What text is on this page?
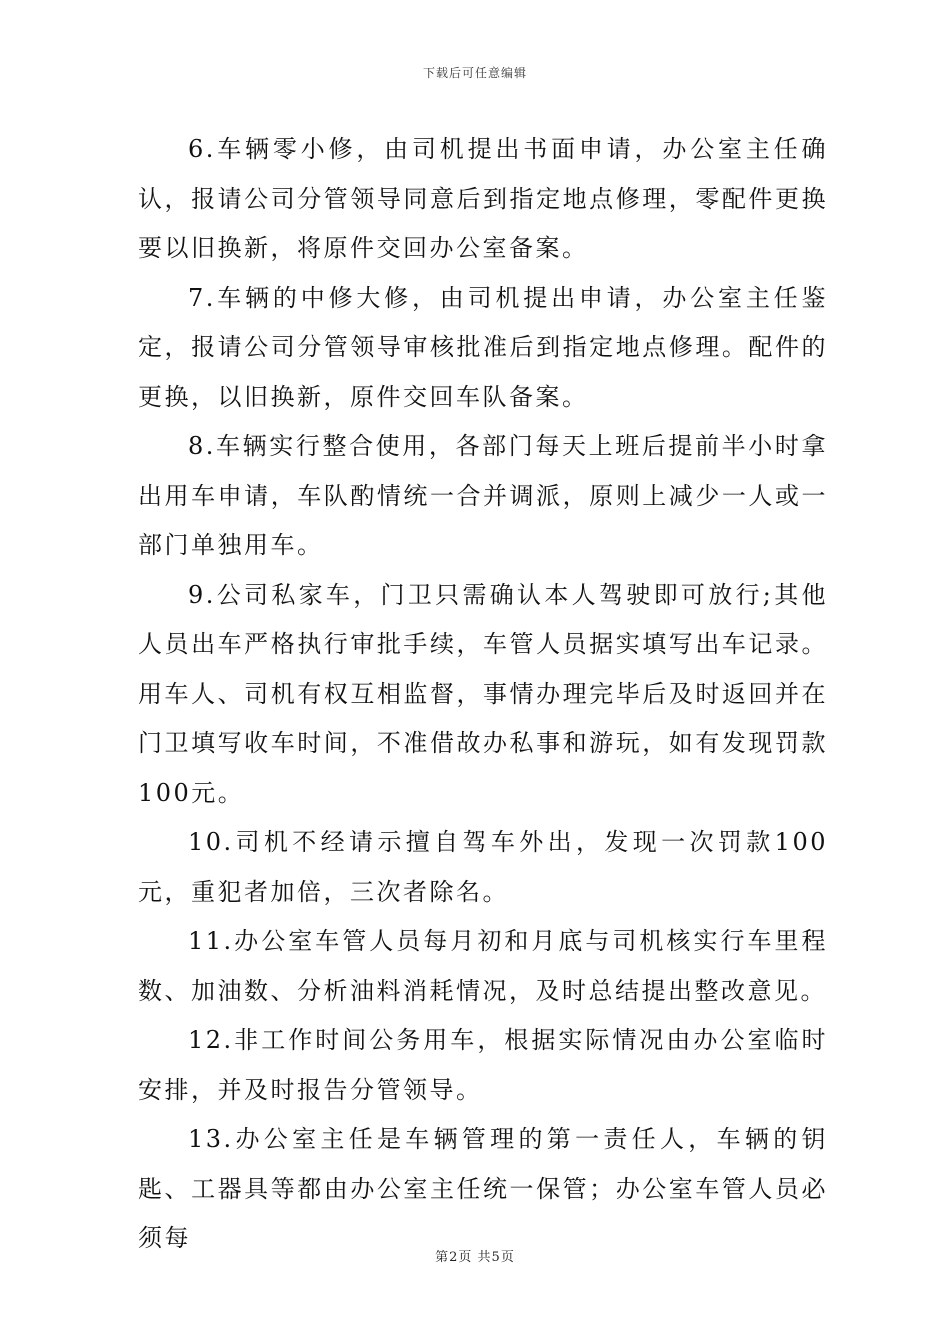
下载后可任意编辑

6.车辆零小修，由司机提出书面申请，办公室主任确认，报请公司分管领导同意后到指定地点修理，零配件更换要以旧换新，将原件交回办公室备案。

7.车辆的中修大修，由司机提出申请，办公室主任鉴定，报请公司分管领导审核批准后到指定地点修理。配件的更换，以旧换新，原件交回车队备案。

8.车辆实行整合使用，各部门每天上班后提前半小时拿出用车申请，车队酌情统一合并调派，原则上减少一人或一部门单独用车。

9.公司私家车，门卫只需确认本人驾驶即可放行;其他人员出车严格执行审批手续，车管人员据实填写出车记录。用车人、司机有权互相监督，事情办理完毕后及时返回并在门卫填写收车时间，不准借故办私事和游玩，如有发现罚款100元。

10.司机不经请示擅自驾车外出，发现一次罚款100元，重犯者加倍，三次者除名。

11.办公室车管人员每月初和月底与司机核实行车里程数、加油数、分析油料消耗情况，及时总结提出整改意见。

12.非工作时间公务用车，根据实际情况由办公室临时安排，并及时报告分管领导。

13.办公室主任是车辆管理的第一责任人，车辆的钥匙、工器具等都由办公室主任统一保管；办公室车管人员必须每

第2页 共5页
